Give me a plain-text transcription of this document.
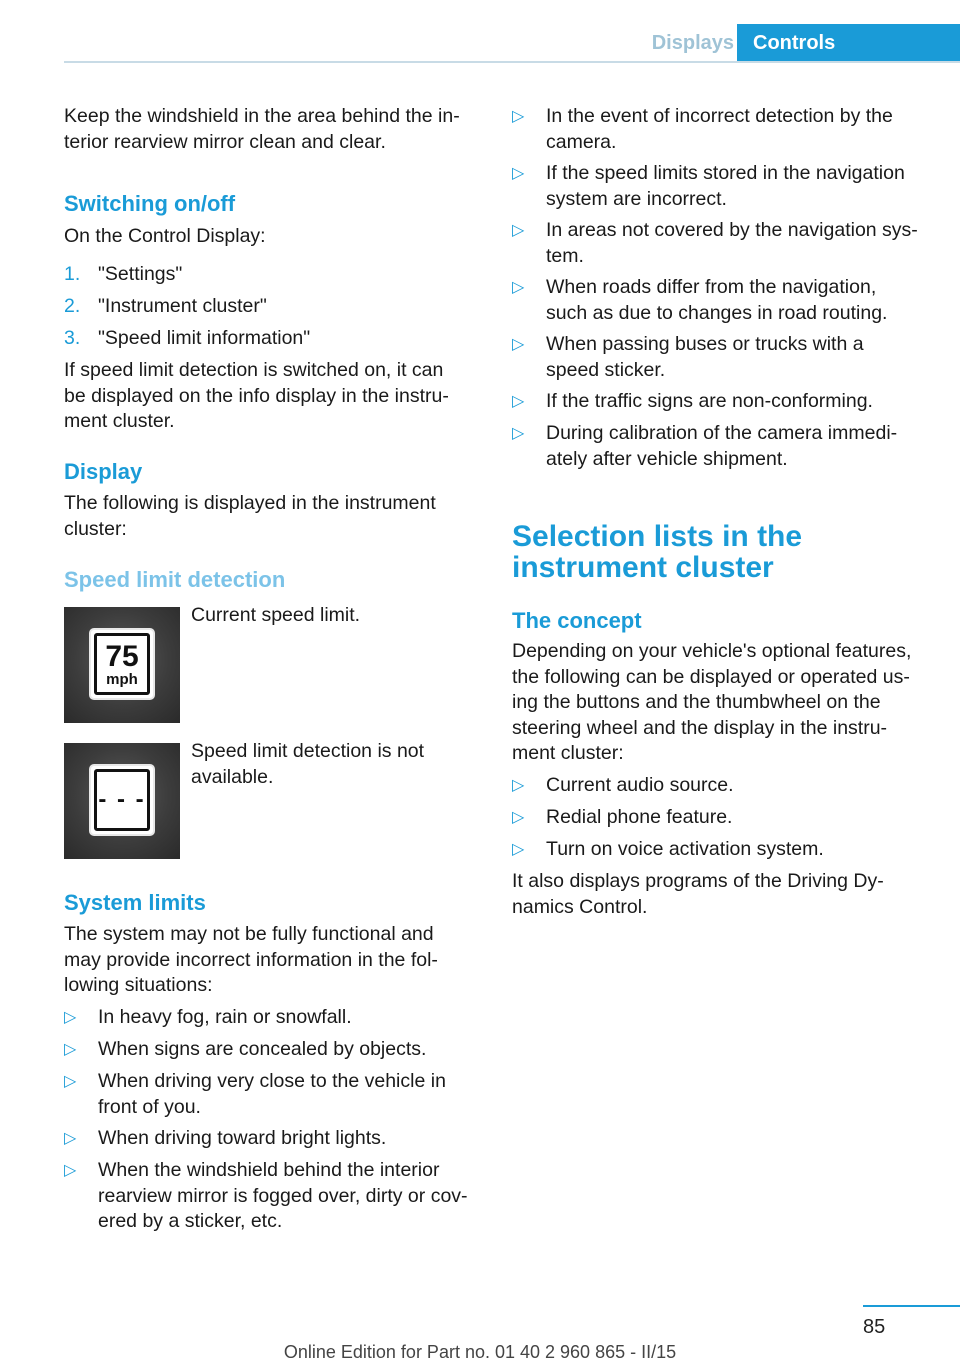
Displays Controls

Keep the windshield in the area behind the in‐

terior rearview mirror clean and clear.

Switching on/off
On the Control Display:
1. "Settings"
2. "Instrument cluster"
3. "Speed limit information"

If speed limit detection is switched on, it can

be displayed on the info display in the instru‐

ment cluster.

Display

The following is displayed in the instrument

cluster:

Speed limit detection
75
mph
Current speed limit.
- - -

Speed limit detection is not

available.

System limits

The system may not be fully functional and

may provide incorrect information in the fol‐

lowing situations:

▷ In heavy fog, rain or snowfall.
▷ When signs are concealed by objects.
▷ When driving very close to the vehicle in
front of you.
▷ When driving toward bright lights.
▷ When the windshield behind the interior
rearview mirror is fogged over, dirty or cov‐
ered by a sticker, etc.
▷ In the event of incorrect detection by the
camera.
▷ If the speed limits stored in the navigation
system are incorrect.
▷ In areas not covered by the navigation sys‐
tem.
▷ When roads differ from the navigation,
such as due to changes in road routing.
▷ When passing buses or trucks with a
speed sticker.
▷ If the traffic signs are non-conforming.
▷ During calibration of the camera immedi‐
ately after vehicle shipment.
Selection lists in the
instrument cluster
The concept

Depending on your vehicle's optional features,

the following can be displayed or operated us‐

ing the buttons and the thumbwheel on the

steering wheel and the display in the instru‐

ment cluster:

▷ Current audio source.
▷ Redial phone feature.
▷ Turn on voice activation system.

It also displays programs of the Driving Dy‐

namics Control.

85
Online Edition for Part no. 01 40 2 960 865 - II/15
